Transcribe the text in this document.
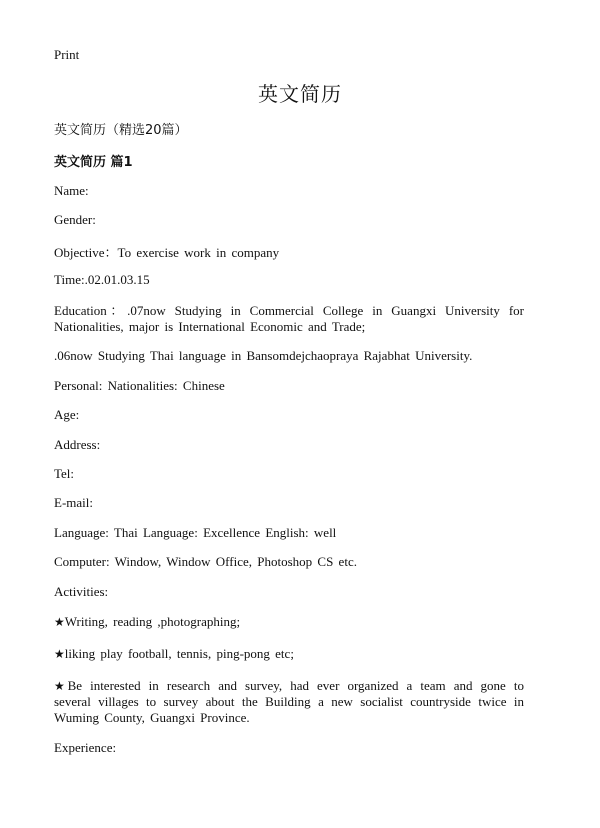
Print
英文简历
英文简历（精选20篇）
英文简历 篇1
Name:
Gender:
Objective：To exercise work in company
Time:.02.01.03.15
Education：.07now Studying in Commercial College in Guangxi University for Nationalities, major is International Economic and Trade;
.06now Studying Thai language in Bansomdejchaopraya Rajabhat University.
Personal: Nationalities: Chinese
Age:
Address:
Tel:
E-mail:
Language: Thai Language: Excellence English: well
Computer: Window, Window Office, Photoshop CS etc.
Activities:
★Writing, reading ,photographing;
★liking play football, tennis, ping-pong etc;
★Be interested in research and survey, had ever organized a team and gone to several villages to survey about the Building a new socialist countryside twice in Wuming County, Guangxi Province.
Experience:
